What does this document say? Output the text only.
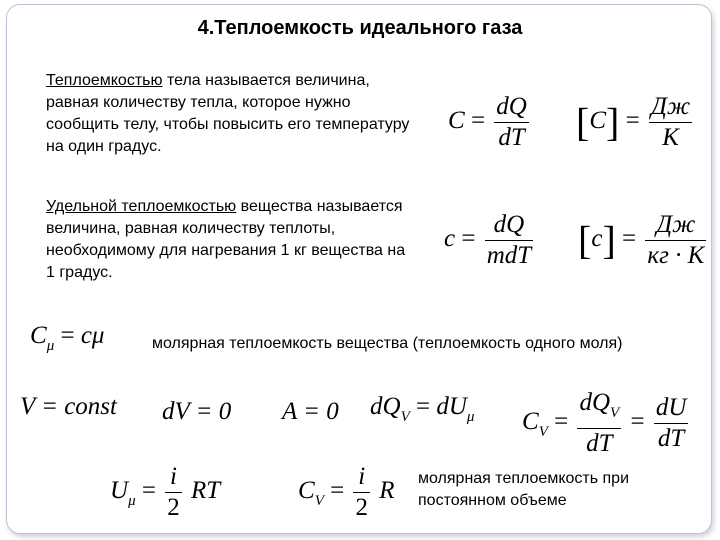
4.Теплоемкость идеального газа
Теплоемкостью тела называется величина, равная количеству тепла, которое нужно сообщить телу, чтобы повысить его температуру на один градус.
Удельной теплоемкостью вещества называется величина, равная количеству теплоты, необходимому для нагревания 1 кг вещества на 1 градус.
$C = \frac{dQ}{dT} [C] = \frac{Дж}{К}$
$c = \frac{dQ}{\text{mdT}} [c] = \frac{Дж}{кг \cdot К}$
$C_\mu = c\mu$	молярная теплоемкость вещества (теплоемкость одного моля)
V = const dV = 0 A = 0 $dQ_V = dU_\mu$ $C_V = \frac{dQ_V}{dT} = \frac{dU}{dT}$
$U_\mu = \frac{i}{2}$ RT	$C_V = \frac{i}{2}$ R молярная теплоемкость при постоянном объеме
